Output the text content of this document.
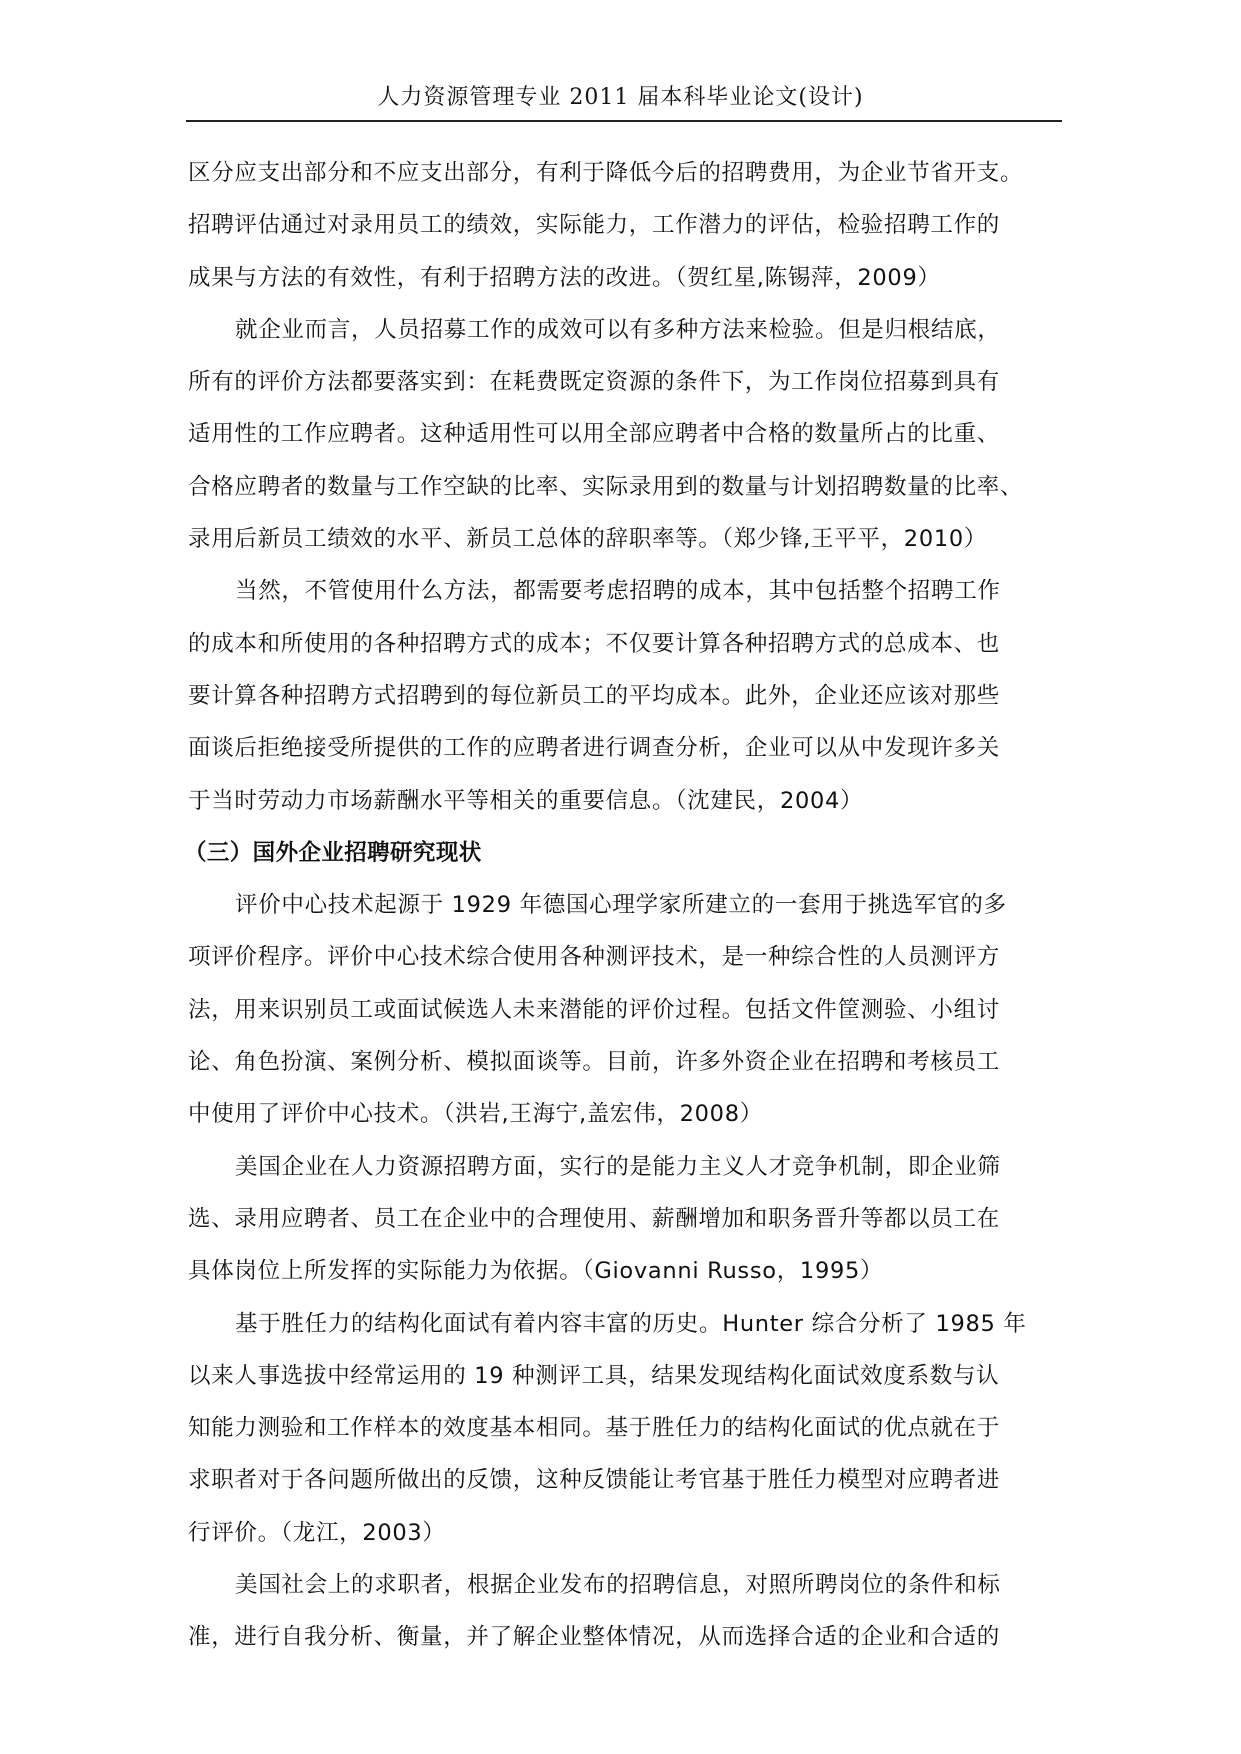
人力资源管理专业 2011 届本科毕业论文(设计)
区分应支出部分和不应支出部分，有利于降低今后的招聘费用，为企业节省开支。
招聘评估通过对录用员工的绩效，实际能力，工作潜力的评估，检验招聘工作的
成果与方法的有效性，有利于招聘方法的改进。（贺红星,陈锡萍，2009）
就企业而言，人员招募工作的成效可以有多种方法来检验。但是归根结底，
所有的评价方法都要落实到：在耗费既定资源的条件下，为工作岗位招募到具有
适用性的工作应聘者。这种适用性可以用全部应聘者中合格的数量所占的比重、
合格应聘者的数量与工作空缺的比率、实际录用到的数量与计划招聘数量的比率、
录用后新员工绩效的水平、新员工总体的辞职率等。（郑少锋,王平平，2010）
当然，不管使用什么方法，都需要考虑招聘的成本，其中包括整个招聘工作
的成本和所使用的各种招聘方式的成本；不仅要计算各种招聘方式的总成本、也
要计算各种招聘方式招聘到的每位新员工的平均成本。此外，企业还应该对那些
面谈后拒绝接受所提供的工作的应聘者进行调查分析，企业可以从中发现许多关
于当时劳动力市场薪酬水平等相关的重要信息。（沈建民，2004）
（三）国外企业招聘研究现状
评价中心技术起源于 1929 年德国心理学家所建立的一套用于挑选军官的多
项评价程序。评价中心技术综合使用各种测评技术，是一种综合性的人员测评方
法，用来识别员工或面试候选人未来潜能的评价过程。包括文件筐测验、小组讨
论、角色扮演、案例分析、模拟面谈等。目前，许多外资企业在招聘和考核员工
中使用了评价中心技术。（洪岩,王海宁,盖宏伟，2008）
美国企业在人力资源招聘方面，实行的是能力主义人才竞争机制，即企业筛
选、录用应聘者、员工在企业中的合理使用、薪酬增加和职务晋升等都以员工在
具体岗位上所发挥的实际能力为依据。（Giovanni Russo，1995）
基于胜任力的结构化面试有着内容丰富的历史。Hunter 综合分析了 1985 年
以来人事选拔中经常运用的 19 种测评工具，结果发现结构化面试效度系数与认
知能力测验和工作样本的效度基本相同。基于胜任力的结构化面试的优点就在于
求职者对于各问题所做出的反馈，这种反馈能让考官基于胜任力模型对应聘者进
行评价。（龙江，2003）
美国社会上的求职者，根据企业发布的招聘信息，对照所聘岗位的条件和标
准，进行自我分析、衡量，并了解企业整体情况，从而选择合适的企业和合适的
